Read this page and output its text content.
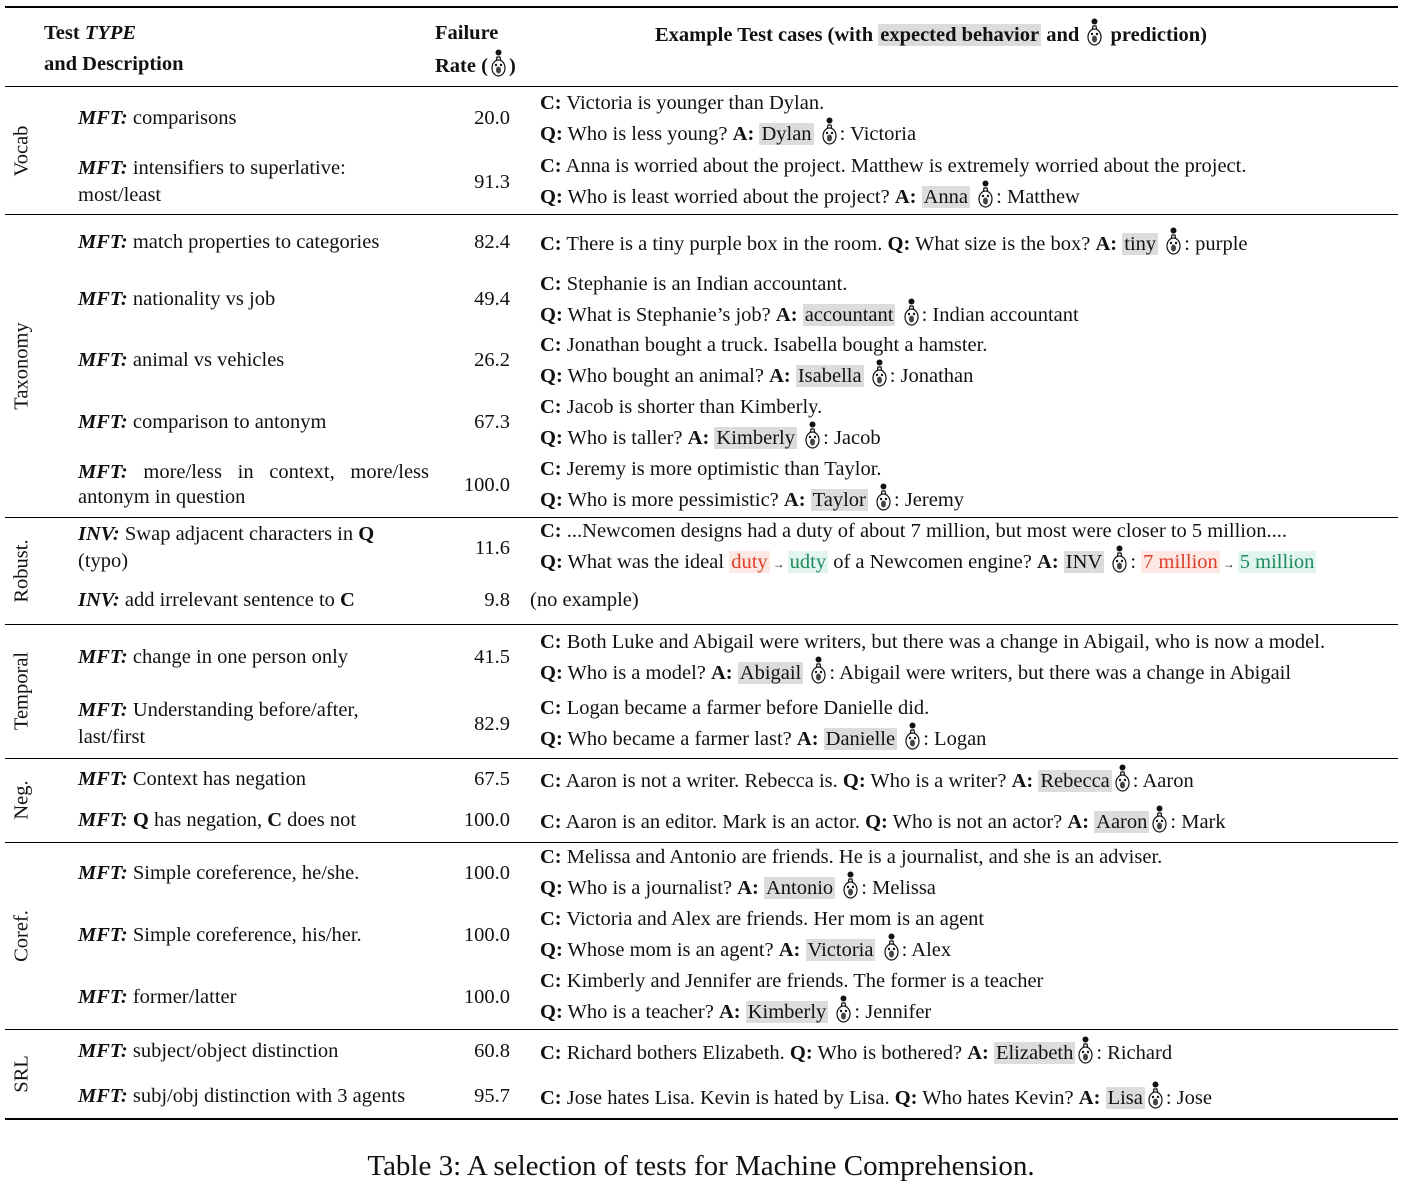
	Test TYPE
and Description	Failure
Rate ( )	Example Test cases (with expected behavior and  prediction)

Vocab	MFT: comparisons	20.0	C: Victoria is younger than Dylan.
Q: Who is less young? A: Dylan : Victoria

	MFT: intensifiers to superlative: most/least	91.3	C: Anna is worried about the project. Matthew is extremely worried about the project.
Q: Who is least worried about the project? A: Anna : Matthew

Taxonomy	MFT: match properties to categories	82.4	C: There is a tiny purple box in the room. Q: What size is the box? A: tiny : purple

	MFT: nationality vs job	49.4	C: Stephanie is an Indian accountant.
Q: What is Stephanie’s job? A: accountant : Indian accountant

	MFT: animal vs vehicles	26.2	C: Jonathan bought a truck. Isabella bought a hamster.
Q: Who bought an animal? A: Isabella : Jonathan

	MFT: comparison to antonym	67.3	C: Jacob is shorter than Kimberly.
Q: Who is taller? A: Kimberly : Jacob

	MFT: more/less in context, more/less antonym in question	100.0	C: Jeremy is more optimistic than Taylor.
Q: Who is more pessimistic? A: Taylor : Jeremy

Robust.	INV: Swap adjacent characters in Q (typo)	11.6	C: ...Newcomen designs had a duty of about 7 million, but most were closer to 5 million....
Q: What was the ideal duty → udty of a Newcomen engine? A: INV : 7 million → 5 million

	INV: add irrelevant sentence to C	9.8	(no example)

Temporal	MFT: change in one person only	41.5	C: Both Luke and Abigail were writers, but there was a change in Abigail, who is now a model.
Q: Who is a model? A: Abigail : Abigail were writers, but there was a change in Abigail

	MFT: Understanding before/after, last/first	82.9	C: Logan became a farmer before Danielle did.
Q: Who became a farmer last? A: Danielle : Logan

Neg.	MFT: Context has negation	67.5	C: Aaron is not a writer. Rebecca is. Q: Who is a writer? A: Rebecca : Aaron

	MFT: Q has negation, C does not	100.0	C: Aaron is an editor. Mark is an actor. Q: Who is not an actor? A: Aaron : Mark

Coref.	MFT: Simple coreference, he/she.	100.0	C: Melissa and Antonio are friends. He is a journalist, and she is an adviser.
Q: Who is a journalist? A: Antonio : Melissa

	MFT: Simple coreference, his/her.	100.0	C: Victoria and Alex are friends. Her mom is an agent
Q: Whose mom is an agent? A: Victoria : Alex

	MFT: former/latter	100.0	C: Kimberly and Jennifer are friends. The former is a teacher
Q: Who is a teacher? A: Kimberly : Jennifer

SRL	MFT: subject/object distinction	60.8	C: Richard bothers Elizabeth. Q: Who is bothered? A: Elizabeth : Richard

	MFT: subj/obj distinction with 3 agents	95.7	C: Jose hates Lisa. Kevin is hated by Lisa. Q: Who hates Kevin? A: Lisa : Jose
Table 3: A selection of tests for Machine Comprehension.
